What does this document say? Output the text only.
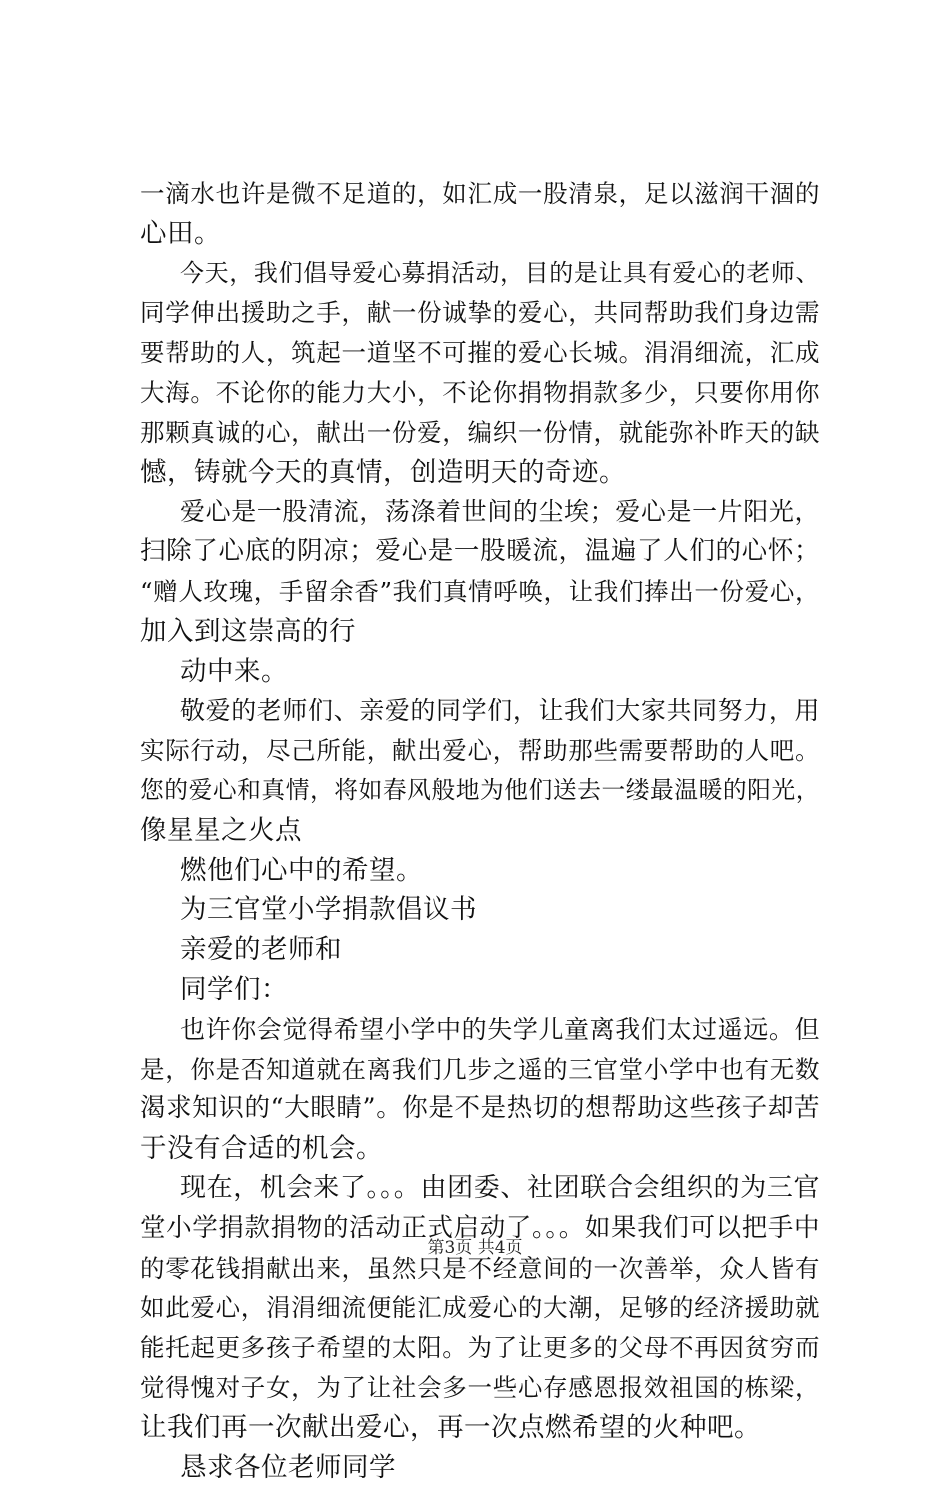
一滴水也许是微不足道的，如汇成一股清泉，足以滋润干涸的
心田。
今天，我们倡导爱心募捐活动，目的是让具有爱心的老师、
同学伸出援助之手，献一份诚挚的爱心，共同帮助我们身边需
要帮助的人，筑起一道坚不可摧的爱心长城。涓涓细流，汇成
大海。不论你的能力大小，不论你捐物捐款多少，只要你用你
那颗真诚的心，献出一份爱，编织一份情，就能弥补昨天的缺
憾，铸就今天的真情，创造明天的奇迹。
爱心是一股清流，荡涤着世间的尘埃；爱心是一片阳光，
扫除了心底的阴凉；爱心是一股暖流，温遍了人们的心怀；
“赠人玫瑰，手留余香”我们真情呼唤，让我们捧出一份爱心，
加入到这崇高的行
动中来。
敬爱的老师们、亲爱的同学们，让我们大家共同努力，用
实际行动，尽己所能，献出爱心，帮助那些需要帮助的人吧。
您的爱心和真情，将如春风般地为他们送去一缕最温暖的阳光，
像星星之火点
燃他们心中的希望。
为三官堂小学捐款倡议书
亲爱的老师和
同学们：
也许你会觉得希望小学中的失学儿童离我们太过遥远。但
是，你是否知道就在离我们几步之遥的三官堂小学中也有无数
渴求知识的“大眼睛”。你是不是热切的想帮助这些孩子却苦
于没有合适的机会。
现在，机会来了。。。由团委、社团联合会组织的为三官
堂小学捐款捐物的活动正式启动了。。。如果我们可以把手中
的零花钱捐献出来，虽然只是不经意间的一次善举，众人皆有
如此爱心，涓涓细流便能汇成爱心的大潮，足够的经济援助就
能托起更多孩子希望的太阳。为了让更多的父母不再因贫穷而
觉得愧对子女，为了让社会多一些心存感恩报效祖国的栋梁，
让我们再一次献出爱心，再一次点燃希望的火种吧。
恳求各位老师同学
第3页 共4页
